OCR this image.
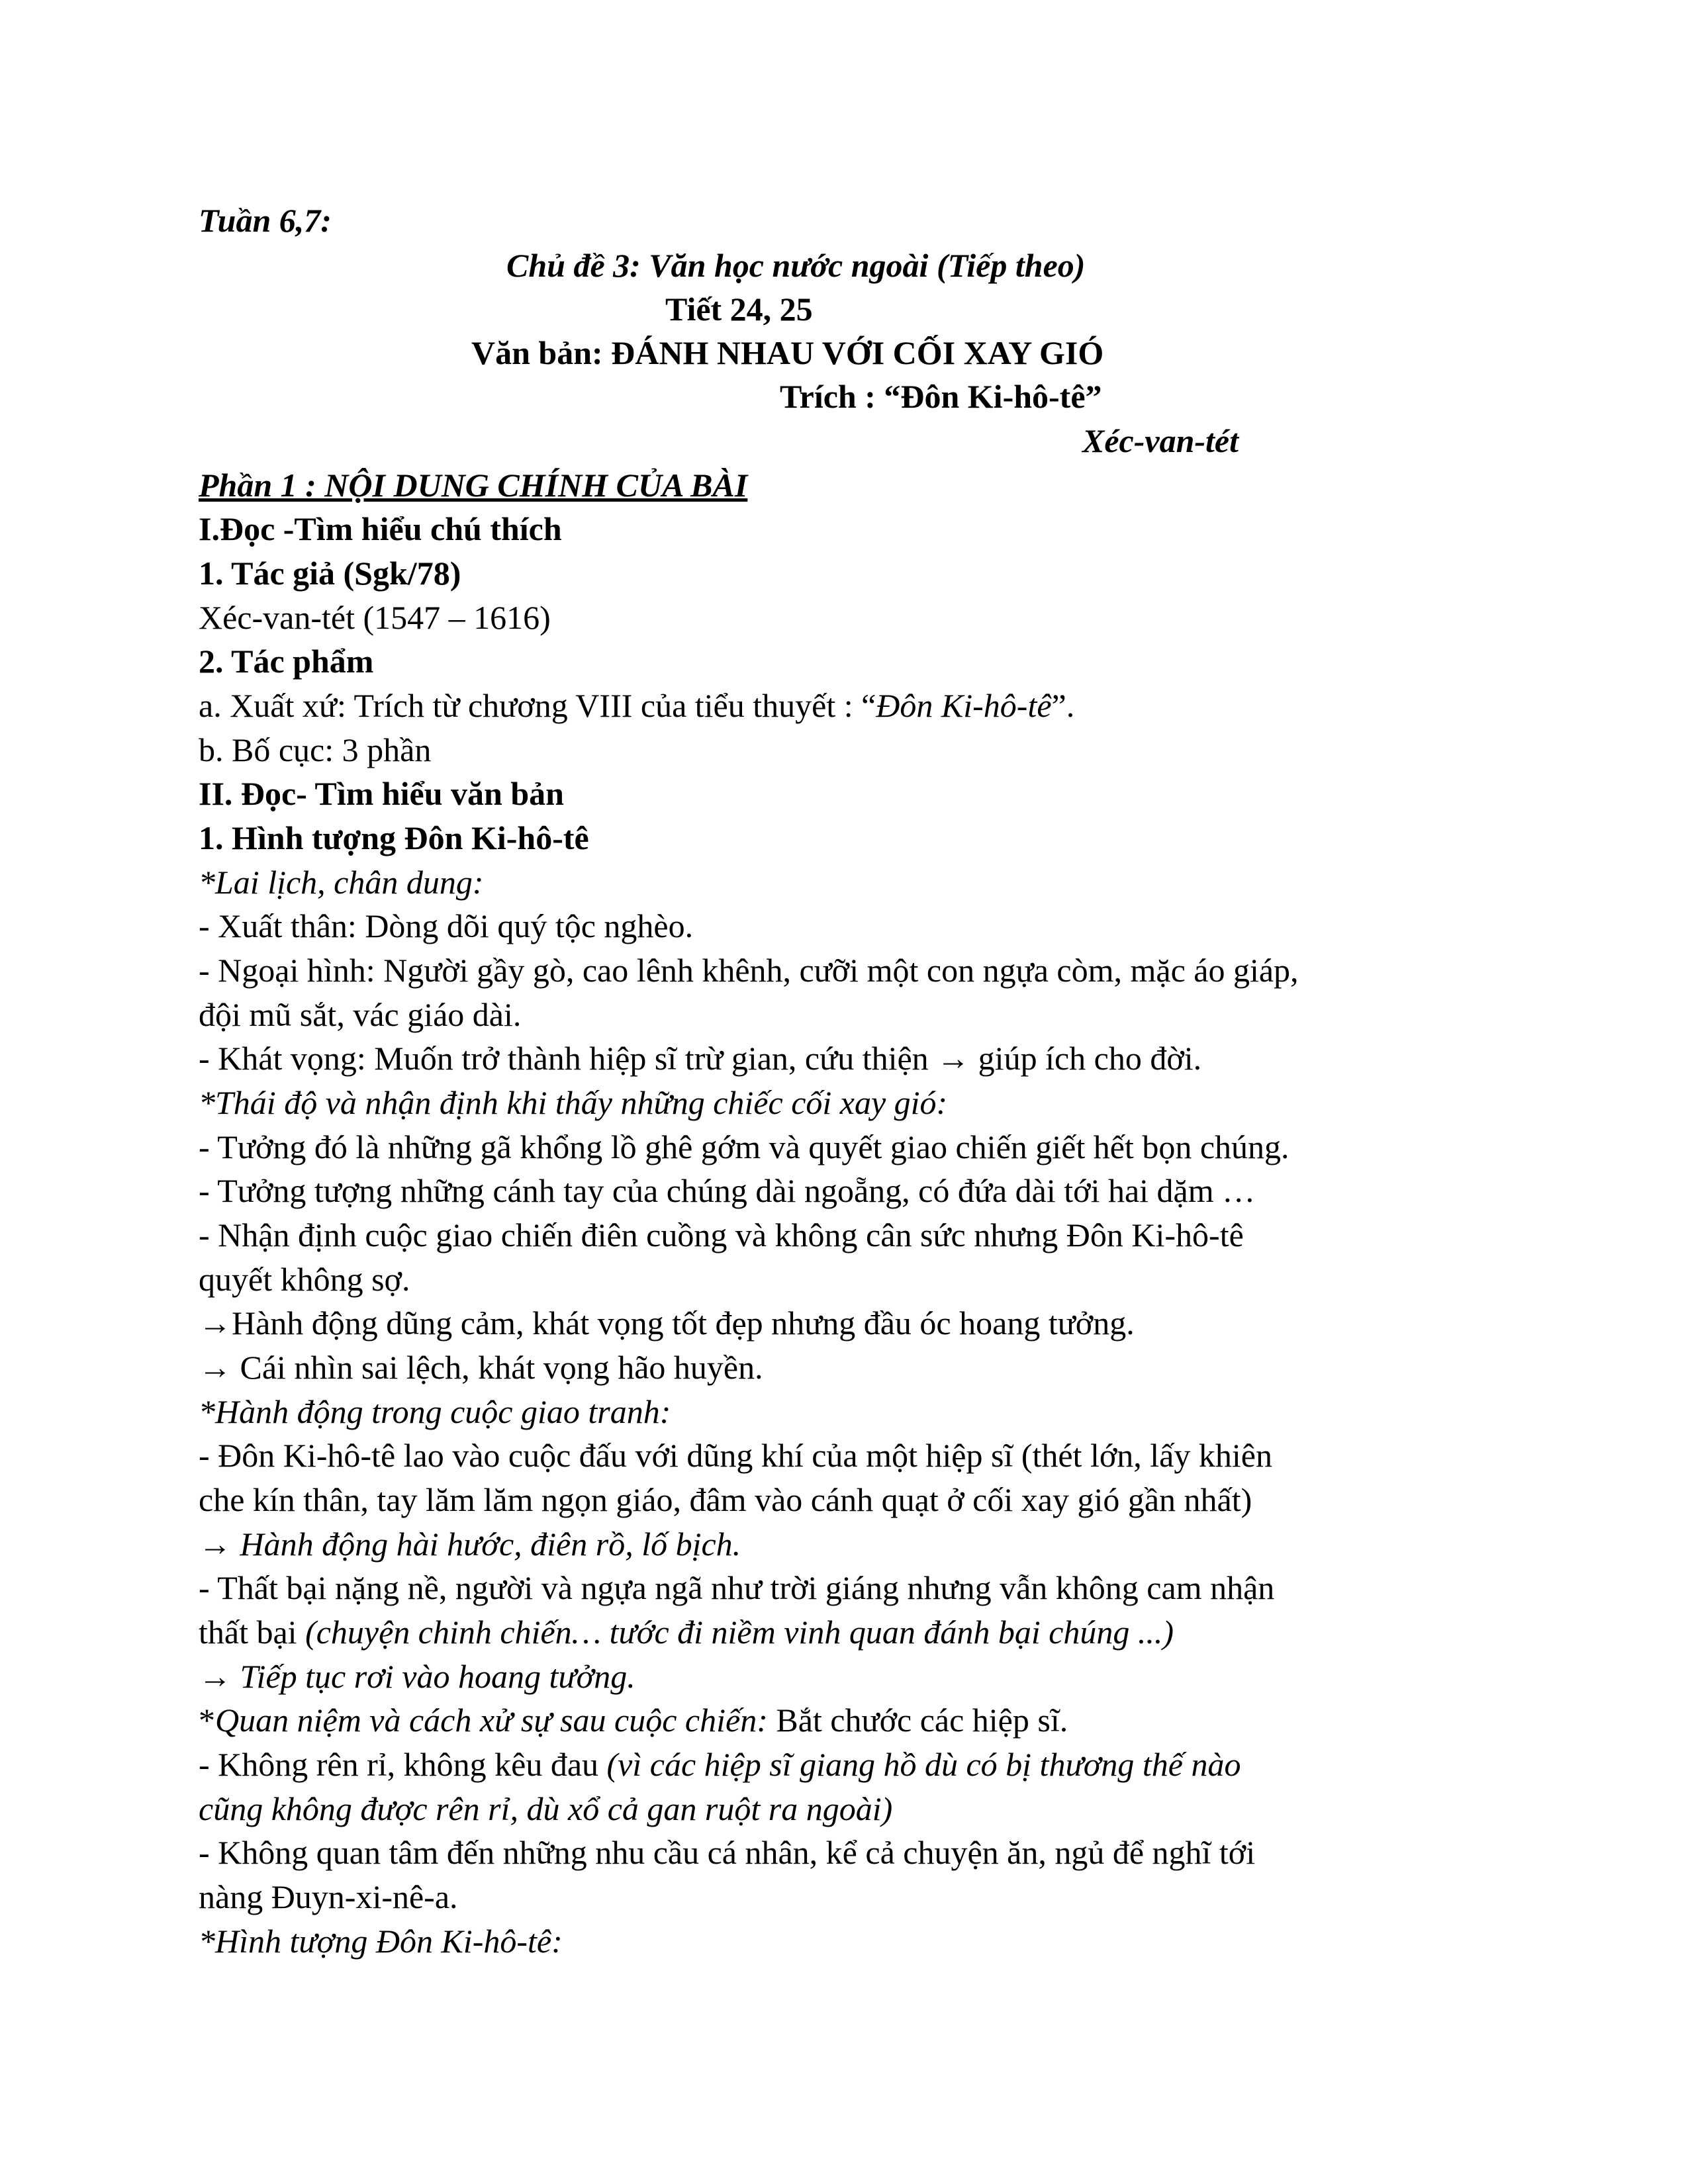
Tuần 6,7:
Chủ đề 3: Văn học nước ngoài (Tiếp theo)
Tiết 24, 25
Văn bản: ĐÁNH NHAU VỚI CỐI XAY GIÓ
Trích : “Đôn Ki-hô-tê”
Xéc-van-tét
Phần 1 : NỘI DUNG CHÍNH CỦA BÀI
I.Đọc -Tìm hiểu chú thích
1. Tác giả (Sgk/78)
Xéc-van-tét (1547 – 1616)
2. Tác phẩm
a. Xuất xứ: Trích từ chương VIII của tiểu thuyết : “Đôn Ki-hô-tê”.
b. Bố cục: 3 phần
II. Đọc- Tìm hiểu văn bản
1. Hình tượng Đôn Ki-hô-tê
*Lai lịch, chân dung:
- Xuất thân: Dòng dõi quý tộc nghèo.
- Ngoại hình: Người gầy gò, cao lênh khênh, cưỡi một con ngựa còm, mặc áo giáp,
đội mũ sắt, vác giáo dài.
- Khát vọng: Muốn trở thành hiệp sĩ trừ gian, cứu thiện → giúp ích cho đời.
*Thái độ và nhận định khi thấy những chiếc cối xay gió:
- Tưởng đó là những gã khổng lồ ghê gớm và quyết giao chiến giết hết bọn chúng.
- Tưởng tượng những cánh tay của chúng dài ngoẵng, có đứa dài tới hai dặm …
- Nhận định cuộc giao chiến điên cuồng và không cân sức nhưng Đôn Ki-hô-tê
quyết không sợ.
→Hành động dũng cảm, khát vọng tốt đẹp nhưng đầu óc hoang tưởng.
→ Cái nhìn sai lệch, khát vọng hão huyền.
*Hành động trong cuộc giao tranh:
- Đôn Ki-hô-tê lao vào cuộc đấu với dũng khí của một hiệp sĩ (thét lớn, lấy khiên
che kín thân, tay lăm lăm ngọn giáo, đâm vào cánh quạt ở cối xay gió gần nhất)
→ Hành động hài hước, điên rồ, lố bịch.
- Thất bại nặng nề, người và ngựa ngã như trời giáng nhưng vẫn không cam nhận
thất bại (chuyện chinh chiến… tước đi niềm vinh quan đánh bại chúng ...)
→ Tiếp tục rơi vào hoang tưởng.
*Quan niệm và cách xử sự sau cuộc chiến: Bắt chước các hiệp sĩ.
- Không rên rỉ, không kêu đau (vì các hiệp sĩ giang hồ dù có bị thương thế nào
cũng không được rên rỉ, dù xổ cả gan ruột ra ngoài)
- Không quan tâm đến những nhu cầu cá nhân, kể cả chuyện ăn, ngủ để nghĩ tới
nàng Đuyn-xi-nê-a.
*Hình tượng Đôn Ki-hô-tê:
